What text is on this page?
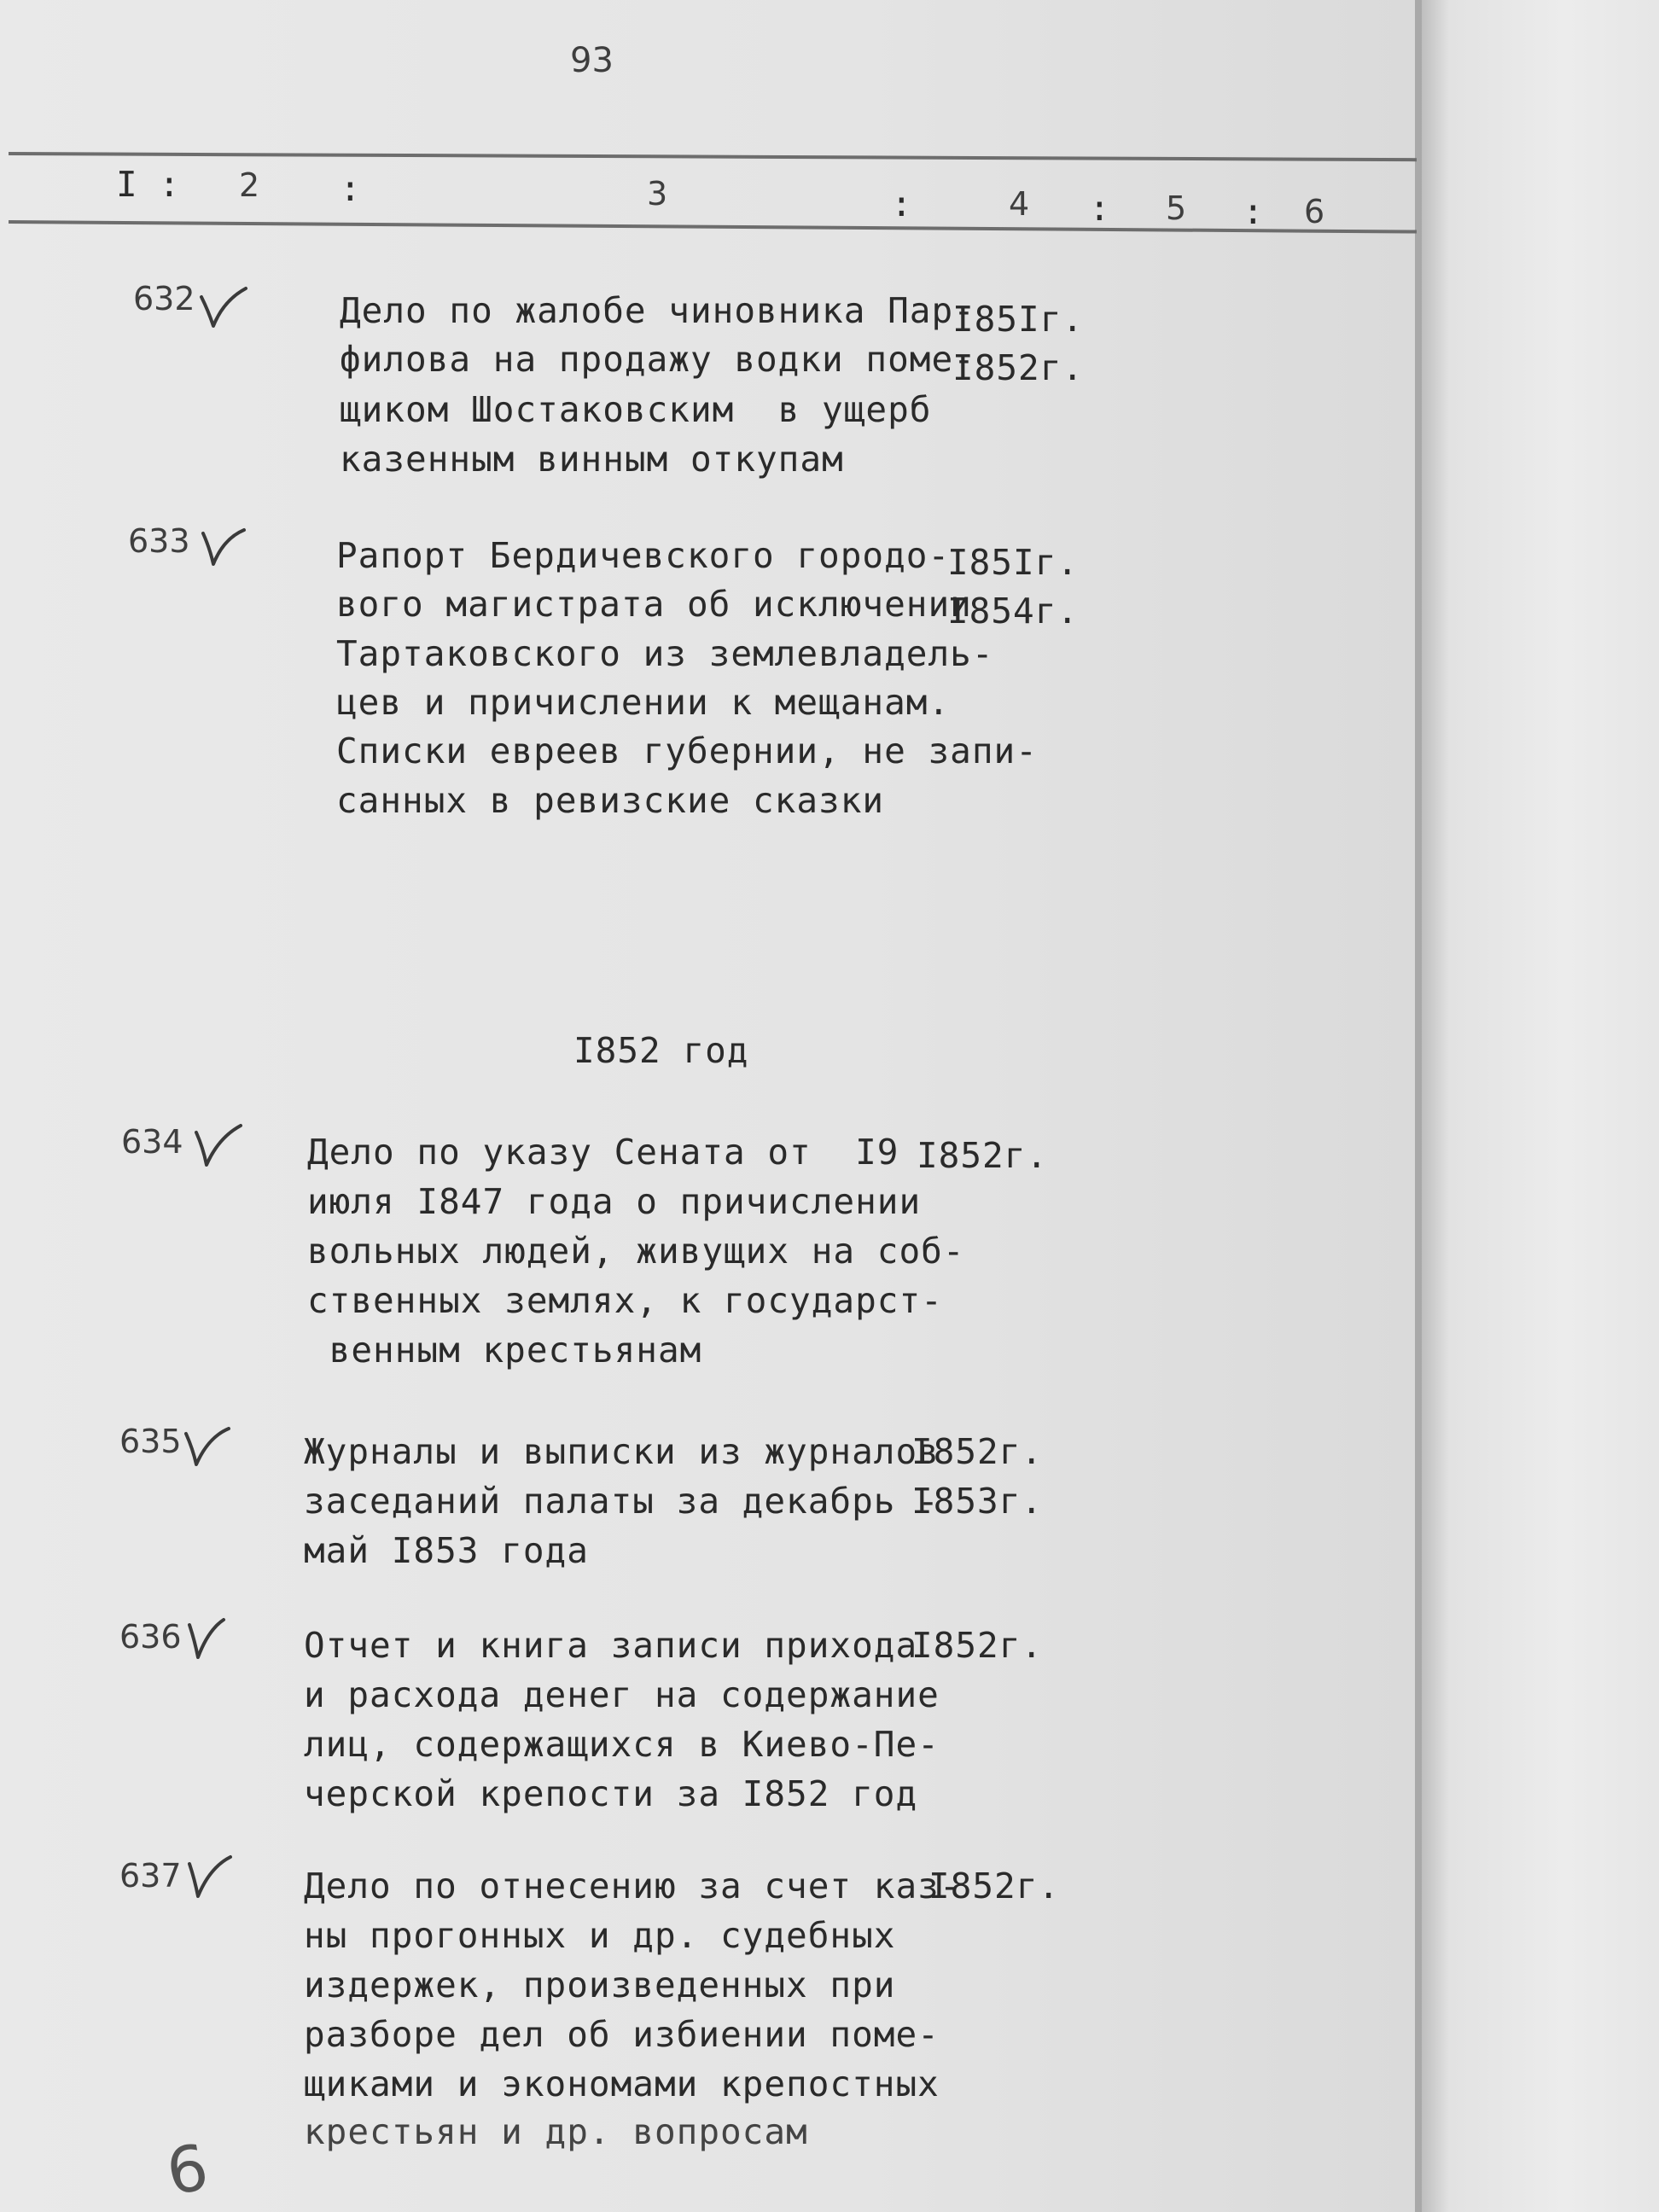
93
I : 2 :	3	:	4 : 5 : 6
632	Дело по жалобе чиновника Пар-
филова на продажу водки поме-
щиком Шостаковским  в ущерб
казенным винным откупам
I85Iг.
I852г.
633	Рапорт Бердичевского городо-
вого магистрата об исключении
Тартаковского из землевладель-
цев и причислении к мещанам.
Списки евреев губернии, не запи-
санных в ревизские сказки
I85Iг.
I854г.
I852 год
634	Дело по указу Сената от  I9
июля I847 года о причислении
вольных людей, живущих на соб-
ственных землях, к государст-
венным крестьянам
I852г.
635	Журналы и выписки из журналов
заседаний палаты за декабрь -
май I853 года
I852г.
I853г.
636	Отчет и книга записи прихода
и расхода денег на содержание
лиц, содержащихся в Киево-Пе-
черской крепости за I852 год
I852г.
637	Дело по отнесению за счет каз-
ны прогонных и др. судебных
издержек, произведенных при
разборе дел об избиении поме-
щиками и экономами крепостных
крестьян и др. вопросам
I852г.
6
